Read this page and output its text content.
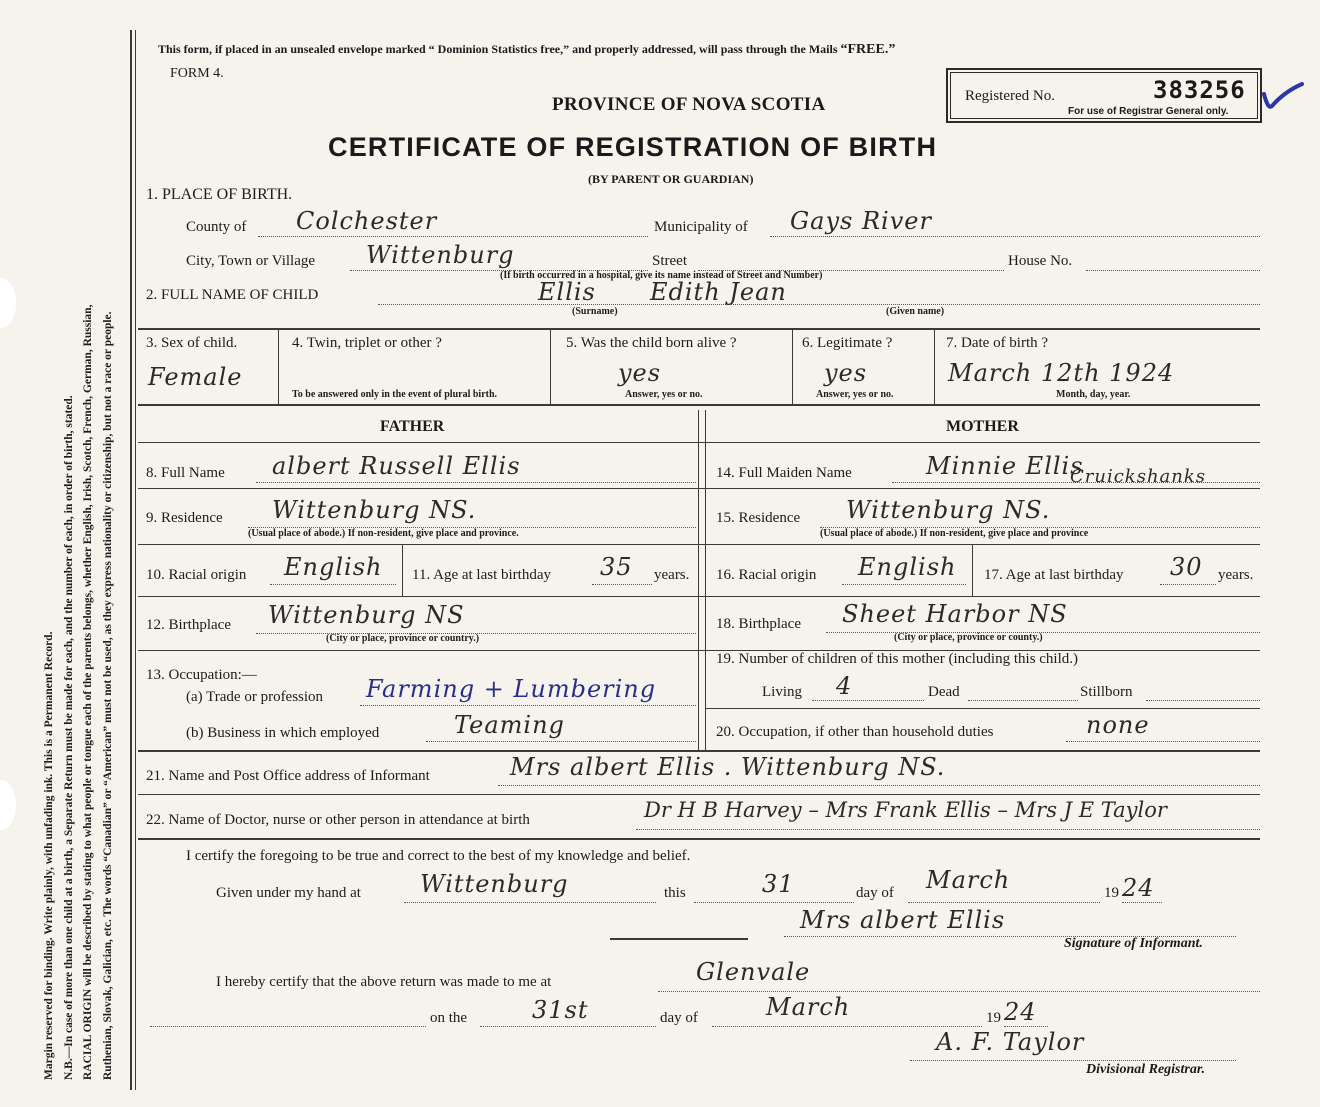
Margin reserved for binding. Write plainly, with unfading ink. This is a Permanent Record. N.B.—In case of more than one child at a birth, a Separate Return must be made for each, and the number of each, in order of birth, stated. RACIAL ORIGIN will be described by stating to what people or tongue each of the parents belongs, whether English, Irish, Scotch, French, German, Russian, Ruthenian, Slovak, Galician, etc. The words “Canadian” or “American” must not be used, as they express nationality or citizenship, but not a race or people.
This form, if placed in an unsealed envelope marked “ Dominion Statistics free,” and properly addressed, will pass through the Mails “FREE.”
FORM 4.
Registered No.	383256
For use of Registrar General only.
PROVINCE OF NOVA SCOTIA
CERTIFICATE OF REGISTRATION OF BIRTH
(BY PARENT OR GUARDIAN)
1. PLACE OF BIRTH.
County of Colchester	Municipality of Gays River
City, Town or Village Wittenburg	Street	House No.
(If birth occurred in a hospital, give its name instead of Street and Number)
2. FULL NAME OF CHILD	Ellis Edith Jean
(Surname)	(Given name)
3. Sex of child.
Female
4. Twin, triplet or other ?
To be answered only in the event of plural birth.
5. Was the child born alive ?
yes
Answer, yes or no.
6. Legitimate ?
yes
Answer, yes or no.
7. Date of birth ?
March 12th 1924
Month, day, year.
FATHER	MOTHER
8. Full Name albert Russell Ellis	14. Full Maiden Name	Minnie Ellis
Cruickshanks
9. Residence Wittenburg NS.
(Usual place of abode.) If non-resident, give place and province.
15. Residence Wittenburg NS.
(Usual place of abode.) If non-resident, give place and province
10. Racial origin English 11. Age at last birthday 35 years. 16. Racial origin English 17. Age at last birthday 30 years.
12. Birthplace Wittenburg NS
(City or place, province or country.)
18. Birthplace Sheet Harbor NS
(City or place, province or county.)
13. Occupation:—
(a) Trade or profession Farming + Lumbering
(b) Business in which employed	Teaming
19. Number of children of this mother (including this child.)
Living 4	Dead	Stillborn
20. Occupation, if other than household duties	none
21. Name and Post Office address of Informant	Mrs albert Ellis . Wittenburg NS.
22. Name of Doctor, nurse or other person in attendance at birth	Dr H B Harvey – Mrs Frank Ellis – Mrs J E Taylor
I certify the foregoing to be true and correct to the best of my knowledge and belief.
Given under my hand at Wittenburg	this	31	day of March	19 24
Mrs albert Ellis
Signature of Informant.
I hereby certify that the above return was made to me at	Glenvale
on the	31st	day of	March	19 24
A. F. Taylor
Divisional Registrar.
